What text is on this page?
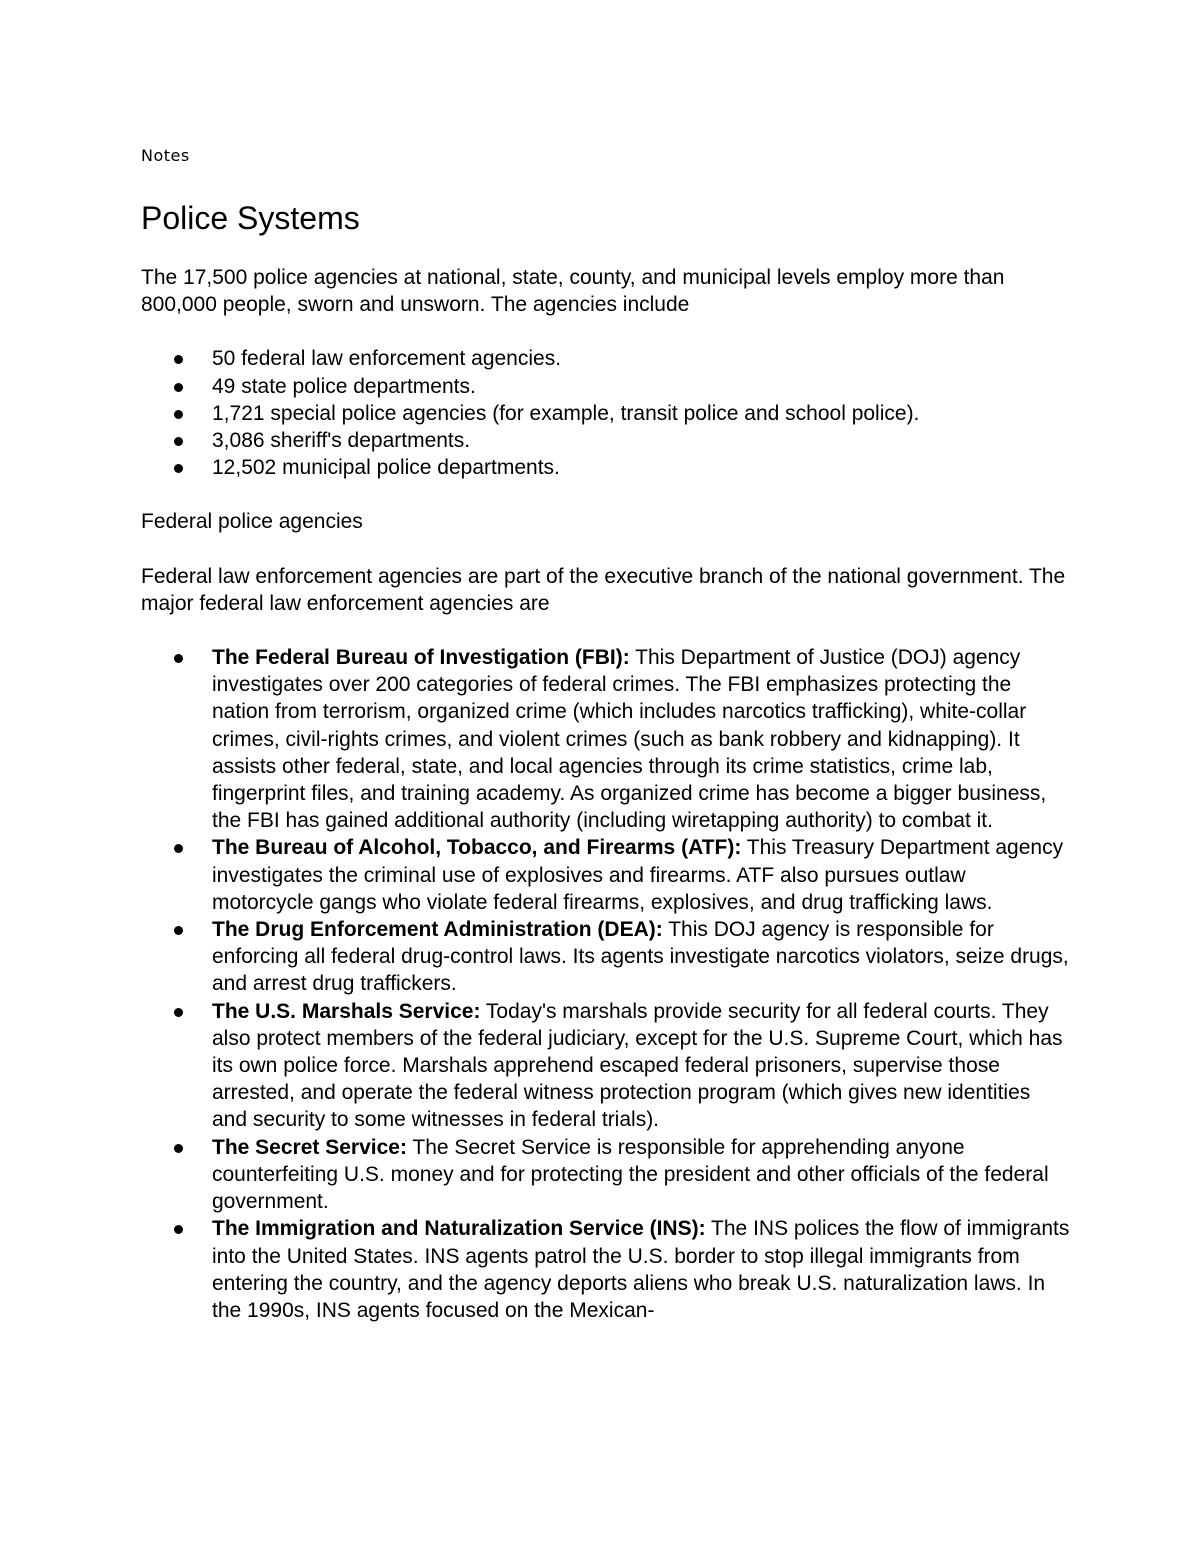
Notes
Police Systems

The 17,500 police agencies at national, state, county, and municipal levels employ more than 800,000 people, sworn and unsworn. The agencies include

50 federal law enforcement agencies.
49 state police departments.
1,721 special police agencies (for example, transit police and school police).
3,086 sheriff's departments.
12,502 municipal police departments.

Federal police agencies

Federal law enforcement agencies are part of the executive branch of the national government. The major federal law enforcement agencies are

The Federal Bureau of Investigation (FBI): This Department of Justice (DOJ) agency investigates over 200 categories of federal crimes. The FBI emphasizes protecting the nation from terrorism, organized crime (which includes narcotics trafficking), white-collar crimes, civil-rights crimes, and violent crimes (such as bank robbery and kidnapping). It assists other federal, state, and local agencies through its crime statistics, crime lab, fingerprint files, and training academy. As organized crime has become a bigger business, the FBI has gained additional authority (including wiretapping authority) to combat it.
The Bureau of Alcohol, Tobacco, and Firearms (ATF): This Treasury Department agency investigates the criminal use of explosives and firearms. ATF also pursues outlaw motorcycle gangs who violate federal firearms, explosives, and drug trafficking laws.
The Drug Enforcement Administration (DEA): This DOJ agency is responsible for enforcing all federal drug-control laws. Its agents investigate narcotics violators, seize drugs, and arrest drug traffickers.
The U.S. Marshals Service: Today's marshals provide security for all federal courts. They also protect members of the federal judiciary, except for the U.S. Supreme Court, which has its own police force. Marshals apprehend escaped federal prisoners, supervise those arrested, and operate the federal witness protection program (which gives new identities and security to some witnesses in federal trials).
The Secret Service: The Secret Service is responsible for apprehending anyone counterfeiting U.S. money and for protecting the president and other officials of the federal government.
The Immigration and Naturalization Service (INS): The INS polices the flow of immigrants into the United States. INS agents patrol the U.S. border to stop illegal immigrants from entering the country, and the agency deports aliens who break U.S. naturalization laws. In the 1990s, INS agents focused on the Mexican-
